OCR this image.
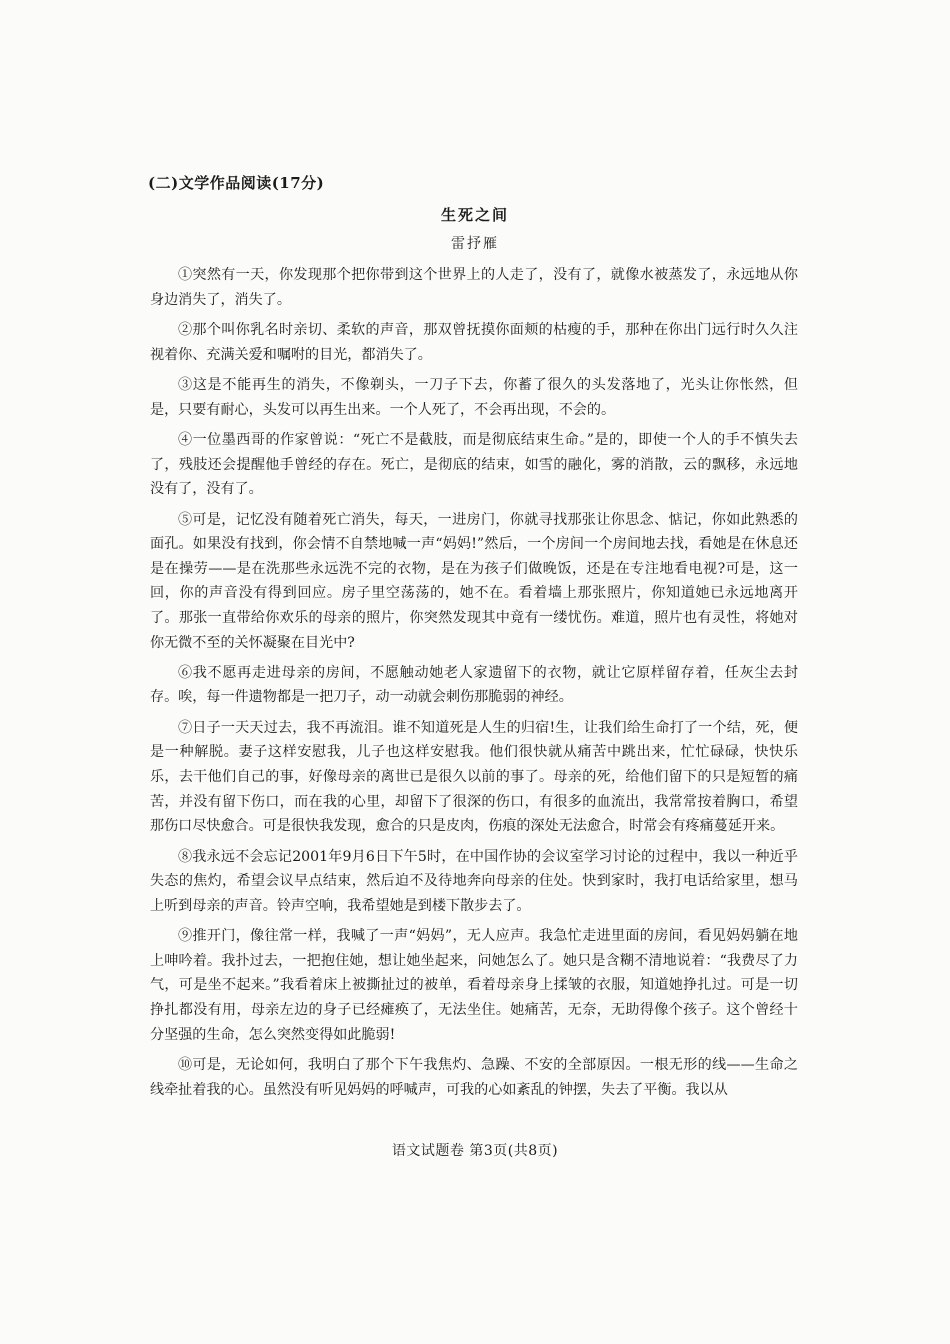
(二)文学作品阅读(17分)
生死之间
雷抒雁

①突然有一天，你发现那个把你带到这个世界上的人走了，没有了，就像水被蒸发了，永远地从你身边消失了，消失了。

②那个叫你乳名时亲切、柔软的声音，那双曾抚摸你面颊的枯瘦的手，那种在你出门远行时久久注视着你、充满关爱和嘱咐的目光，都消失了。

③这是不能再生的消失，不像剃头，一刀子下去，你蓄了很久的头发落地了，光头让你怅然，但是，只要有耐心，头发可以再生出来。一个人死了，不会再出现，不会的。

④一位墨西哥的作家曾说：“死亡不是截肢，而是彻底结束生命。”是的，即使一个人的手不慎失去了，残肢还会提醒他手曾经的存在。死亡，是彻底的结束，如雪的融化，雾的消散，云的飘移，永远地没有了，没有了。

⑤可是，记忆没有随着死亡消失，每天，一进房门，你就寻找那张让你思念、惦记，你如此熟悉的面孔。如果没有找到，你会情不自禁地喊一声“妈妈!”然后，一个房间一个房间地去找，看她是在休息还是在操劳——是在洗那些永远洗不完的衣物，是在为孩子们做晚饭，还是在专注地看电视?可是，这一回，你的声音没有得到回应。房子里空荡荡的，她不在。看着墙上那张照片，你知道她已永远地离开了。那张一直带给你欢乐的母亲的照片，你突然发现其中竟有一缕忧伤。难道，照片也有灵性，将她对你无微不至的关怀凝聚在目光中?

⑥我不愿再走进母亲的房间，不愿触动她老人家遗留下的衣物，就让它原样留存着，任灰尘去封存。唉，每一件遗物都是一把刀子，动一动就会刺伤那脆弱的神经。

⑦日子一天天过去，我不再流泪。谁不知道死是人生的归宿!生，让我们给生命打了一个结，死，便是一种解脱。妻子这样安慰我，儿子也这样安慰我。他们很快就从痛苦中跳出来，忙忙碌碌，快快乐乐，去干他们自己的事，好像母亲的离世已是很久以前的事了。母亲的死，给他们留下的只是短暂的痛苦，并没有留下伤口，而在我的心里，却留下了很深的伤口，有很多的血流出，我常常按着胸口，希望那伤口尽快愈合。可是很快我发现，愈合的只是皮肉，伤痕的深处无法愈合，时常会有疼痛蔓延开来。

⑧我永远不会忘记2001年9月6日下午5时，在中国作协的会议室学习讨论的过程中，我以一种近乎失态的焦灼，希望会议早点结束，然后迫不及待地奔向母亲的住处。快到家时，我打电话给家里，想马上听到母亲的声音。铃声空响，我希望她是到楼下散步去了。

⑨推开门，像往常一样，我喊了一声“妈妈”，无人应声。我急忙走进里面的房间，看见妈妈躺在地上呻吟着。我扑过去，一把抱住她，想让她坐起来，问她怎么了。她只是含糊不清地说着：“我费尽了力气，可是坐不起来。”我看着床上被撕扯过的被单，看着母亲身上揉皱的衣服，知道她挣扎过。可是一切挣扎都没有用，母亲左边的身子已经瘫痪了，无法坐住。她痛苦，无奈，无助得像个孩子。这个曾经十分坚强的生命，怎么突然变得如此脆弱!

⑩可是，无论如何，我明白了那个下午我焦灼、急躁、不安的全部原因。一根无形的线——生命之线牵扯着我的心。虽然没有听见妈妈的呼喊声，可我的心如紊乱的钟摆，失去了平衡。我以从

语文试题卷 第3页(共8页)
